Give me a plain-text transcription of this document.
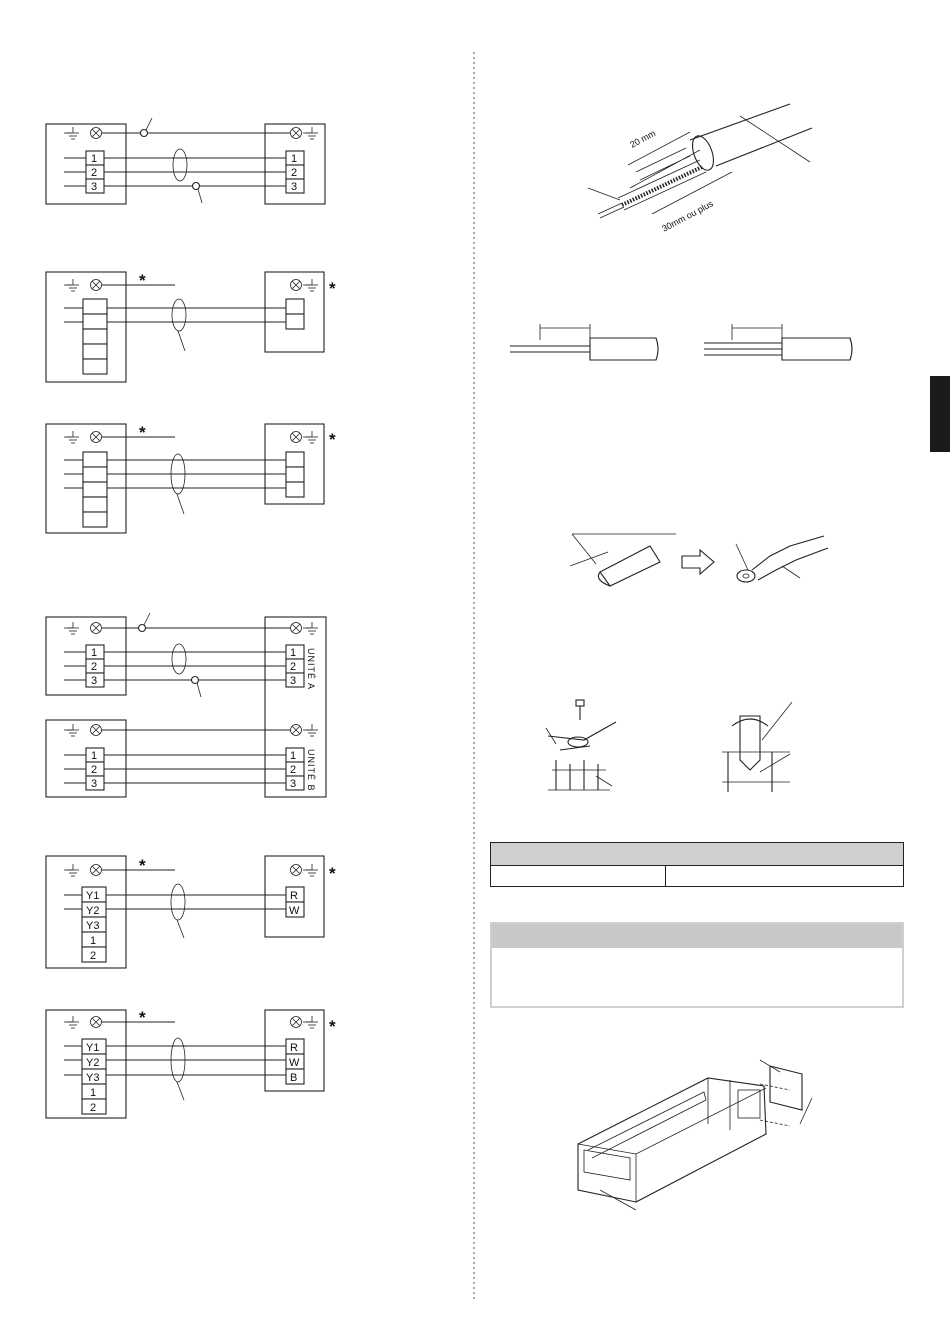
1
2
3
1
2
3
*	*
*	*
1
2
3
1
2
3
1
2
3
1
2
3
UNITÉ A
UNITÉ B
Y1
Y2
Y3
1
2
*
R
W
*
Y1
Y2
Y3
1
2
*
R
W
B
*
20 mm
30mm ou plus
